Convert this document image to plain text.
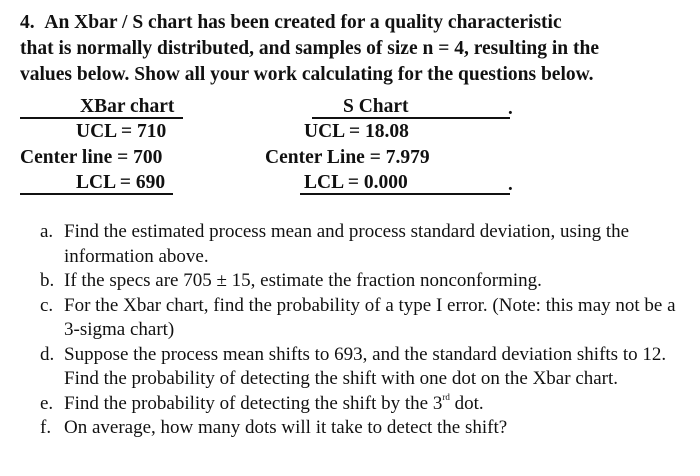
4. An Xbar / S chart has been created for a quality characteristic
that is normally distributed, and samples of size n = 4, resulting in the
values below. Show all your work calculating for the questions below.
XBar chart
UCL = 710
Center line = 700
LCL = 690
S Chart	.
UCL = 18.08
Center Line = 7.979
LCL = 0.000	.
a. Find the estimated process mean and process standard deviation, using the information above.
b. If the specs are 705 ± 15, estimate the fraction nonconforming.
c. For the Xbar chart, find the probability of a type I error. (Note: this may not be a 3-sigma chart)
d. Suppose the process mean shifts to 693, and the standard deviation shifts to 12. Find the probability of detecting the shift with one dot on the Xbar chart.
e. Find the probability of detecting the shift by the 3rd dot.
f. On average, how many dots will it take to detect the shift?
